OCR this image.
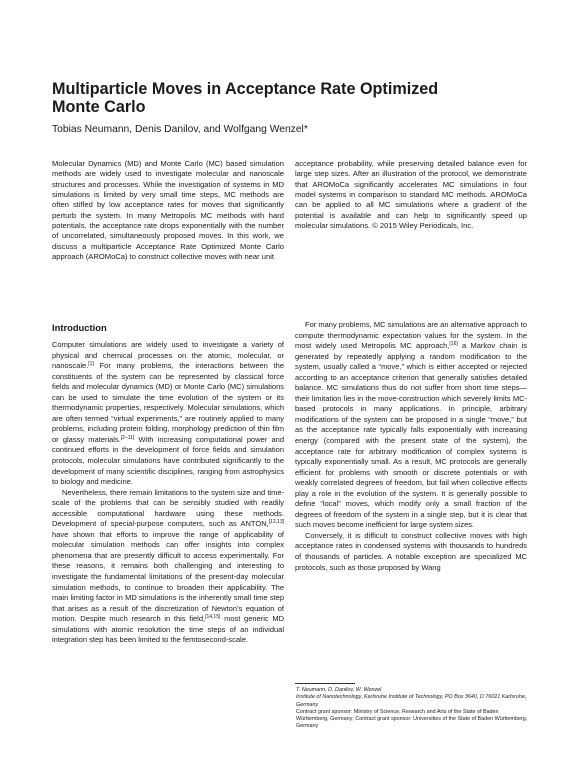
Multiparticle Moves in Acceptance Rate Optimized
Monte Carlo

Tobias Neumann, Denis Danilov, and Wolfgang Wenzel*

Molecular Dynamics (MD) and Monte Carlo (MC) based simulation methods are widely used to investigate molecular and nanoscale structures and processes. While the investigation of systems in MD simulations is limited by very small time steps, MC methods are often stifled by low acceptance rates for moves that significantly perturb the system. In many Metropolis MC methods with hard potentials, the acceptance rate drops exponentially with the number of uncorrelated, simultaneously proposed moves. In this work, we discuss a multiparticle Acceptance Rate Optimized Monte Carlo approach (AROMoCa) to construct collective moves with near unit

acceptance probability, while preserving detailed balance even for large step sizes. After an illustration of the protocol, we demonstrate that AROMoCa significantly accelerates MC simulations in four model systems in comparison to standard MC methods. AROMoCa can be applied to all MC simulations where a gradient of the potential is available and can help to significantly speed up molecular simulations. © 2015 Wiley Periodicals, Inc.

Introduction

Computer simulations are widely used to investigate a variety of physical and chemical processes on the atomic, molecular, or nanoscale.[1] For many problems, the interactions between the constituents of the system can be represented by classical force fields and molecular dynamics (MD) or Monte Carlo (MC) simulations can be used to simulate the time evolution of the system or its thermodynamic properties, respectively. Molecular simulations, which are often termed “virtual experiments,” are routinely applied to many problems, including protein folding, morphology prediction of thin film or glassy materials.[2–11] With increasing computational power and continued efforts in the development of force fields and simulation protocols, molecular simulations have contributed significantly to the development of many scientific disciplines, ranging from astrophysics to biology and medicine.

Nevertheless, there remain limitations to the system size and time-scale of the problems that can be sensibly studied with readily accessible computational hardware using these methods. Development of special-purpose computers, such as ANTON,[12,13] have shown that efforts to improve the range of applicability of molecular simulation methods can offer insights into complex phenomena that are presently difficult to access experimentally. For these reasons, it remains both challenging and interesting to investigate the fundamental limitations of the present-day molecular simulation methods, to continue to broaden their applicability. The main limiting factor in MD simulations is the inherently small time step that arises as a result of the discretization of Newton’s equation of motion. Despite much research in this field,[14,15] most generic MD simulations with atomic resolution the time steps of an individual integration step has been limited to the femtosecond-scale.

For many problems, MC simulations are an alternative approach to compute thermodynamic expectation values for the system. In the most widely used Metropolis MC approach,[16] a Markov chain is generated by repeatedly applying a random modification to the system, usually called a “move,” which is either accepted or rejected according to an acceptance criterion that generally satisfies detailed balance. MC simulations thus do not suffer from short time steps—their limitation lies in the move-construction which severely limits MC-based protocols in many applications. In principle, arbitrary modifications of the system can be proposed in a single “move,” but as the acceptance rate typically falls exponentially with increasing energy (compared with the present state of the system), the acceptance rate for arbitrary modification of complex systems is typically exponentially small. As a result, MC protocols are generally efficient for problems with smooth or discrete potentials or with weakly correlated degrees of freedom, but fail when collective effects play a role in the evolution of the system. It is generally possible to define “local” moves, which modify only a small fraction of the degrees of freedom of the system in a single step, but it is clear that such moves become inefficient for large system sizes.

Conversely, it is difficult to construct collective moves with high acceptance rates in condensed systems with thousands to hundreds of thousands of particles. A notable exception are specialized MC protocols, such as those proposed by Wang

T. Neumann, D. Danilov, W. Wenzel
Institute of Nanotechnology, Karlsruhe Institute of Technology, PO Box 3640, D 76021 Karlsruhe, Germany
Contract grant sponsor: Ministry of Science, Research and Arts of the State of Baden Württemberg, Germany; Contract grant sponsor: Universities of the State of Baden Württemberg, Germany
